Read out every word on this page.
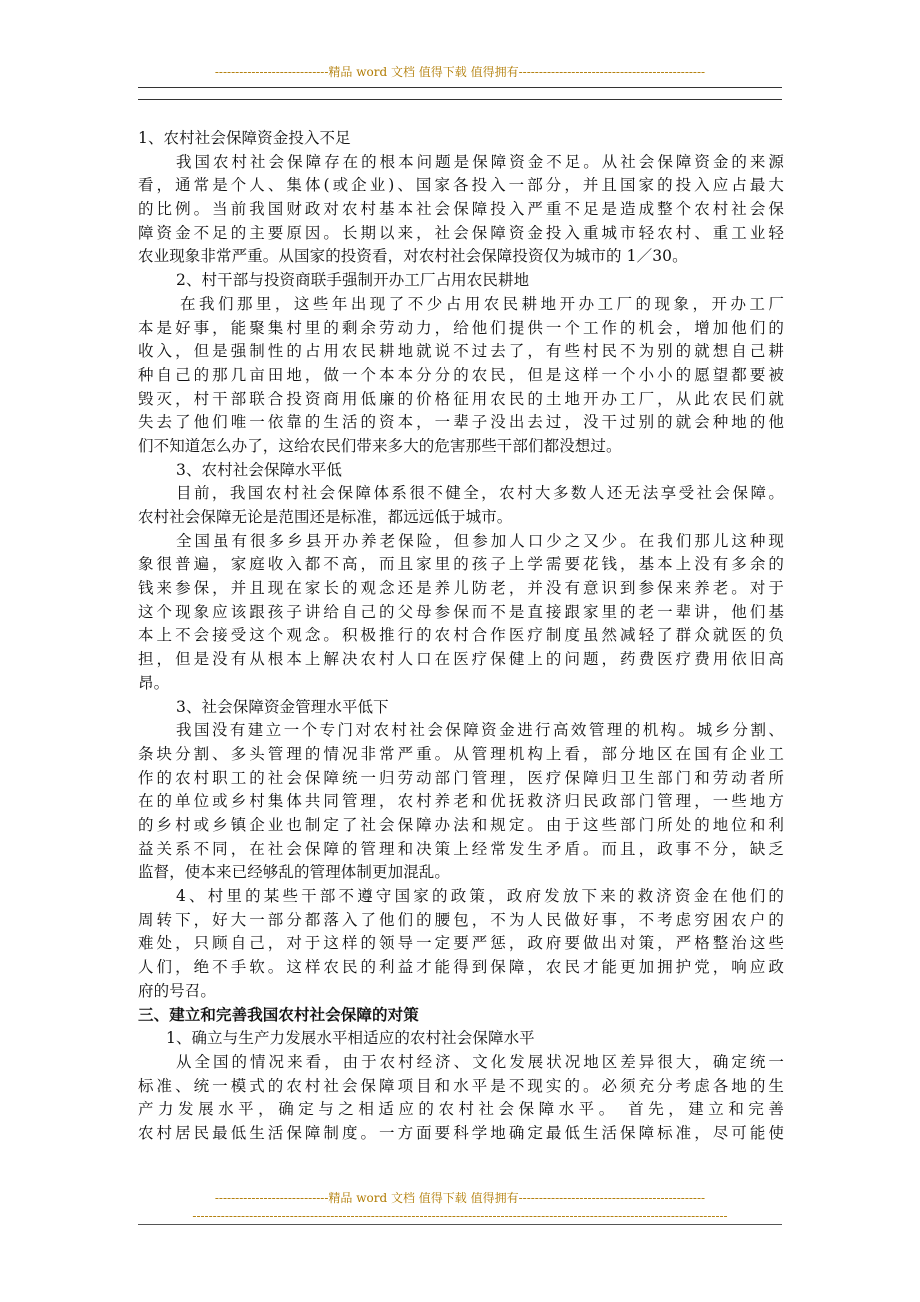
----------------------------精品 word 文档 值得下载 值得拥有----------------------------------------------
1、农村社会保障资金投入不足
我国农村社会保障存在的根本问题是保障资金不足。从社会保障资金的来源
看，通常是个人、集体(或企业)、国家各投入一部分，并且国家的投入应占最大
的比例。当前我国财政对农村基本社会保障投入严重不足是造成整个农村社会保
障资金不足的主要原因。长期以来，社会保障资金投入重城市轻农村、重工业轻
农业现象非常严重。从国家的投资看，对农村社会保障投资仅为城市的 1／30。
2、村干部与投资商联手强制开办工厂占用农民耕地
在我们那里，这些年出现了不少占用农民耕地开办工厂的现象，开办工厂
本是好事，能聚集村里的剩余劳动力，给他们提供一个工作的机会，增加他们的
收入，但是强制性的占用农民耕地就说不过去了，有些村民不为别的就想自己耕
种自己的那几亩田地，做一个本本分分的农民，但是这样一个小小的愿望都要被
毁灭，村干部联合投资商用低廉的价格征用农民的土地开办工厂，从此农民们就
失去了他们唯一依靠的生活的资本，一辈子没出去过，没干过别的就会种地的他
们不知道怎么办了，这给农民们带来多大的危害那些干部们都没想过。
3、农村社会保障水平低
目前，我国农村社会保障体系很不健全，农村大多数人还无法享受社会保障。
农村社会保障无论是范围还是标准，都远远低于城市。
全国虽有很多乡县开办养老保险，但参加人口少之又少。在我们那儿这种现
象很普遍，家庭收入都不高，而且家里的孩子上学需要花钱，基本上没有多余的
钱来参保，并且现在家长的观念还是养儿防老，并没有意识到参保来养老。对于
这个现象应该跟孩子讲给自己的父母参保而不是直接跟家里的老一辈讲，他们基
本上不会接受这个观念。积极推行的农村合作医疗制度虽然减轻了群众就医的负
担，但是没有从根本上解决农村人口在医疗保健上的问题，药费医疗费用依旧高
昂。
3、社会保障资金管理水平低下
我国没有建立一个专门对农村社会保障资金进行高效管理的机构。城乡分割、
条块分割、多头管理的情况非常严重。从管理机构上看，部分地区在国有企业工
作的农村职工的社会保障统一归劳动部门管理，医疗保障归卫生部门和劳动者所
在的单位或乡村集体共同管理，农村养老和优抚救济归民政部门管理，一些地方
的乡村或乡镇企业也制定了社会保障办法和规定。由于这些部门所处的地位和利
益关系不同，在社会保障的管理和决策上经常发生矛盾。而且，政事不分，缺乏
监督，使本来已经够乱的管理体制更加混乱。
4、村里的某些干部不遵守国家的政策，政府发放下来的救济资金在他们的
周转下，好大一部分都落入了他们的腰包，不为人民做好事，不考虑穷困农户的
难处，只顾自己，对于这样的领导一定要严惩，政府要做出对策，严格整治这些
人们，绝不手软。这样农民的利益才能得到保障，农民才能更加拥护党，响应政
府的号召。
三、建立和完善我国农村社会保障的对策
1、确立与生产力发展水平相适应的农村社会保障水平
从全国的情况来看，由于农村经济、文化发展状况地区差异很大，确定统一
标准、统一模式的农村社会保障项目和水平是不现实的。必须充分考虑各地的生
产力发展水平，确定与之相适应的农村社会保障水平。 首先，建立和完善
农村居民最低生活保障制度。一方面要科学地确定最低生活保障标准，尽可能使
----------------------------精品 word 文档 值得下载 值得拥有----------------------------------------------
------------------------------------------------------------------------------------------------------------------------------------
